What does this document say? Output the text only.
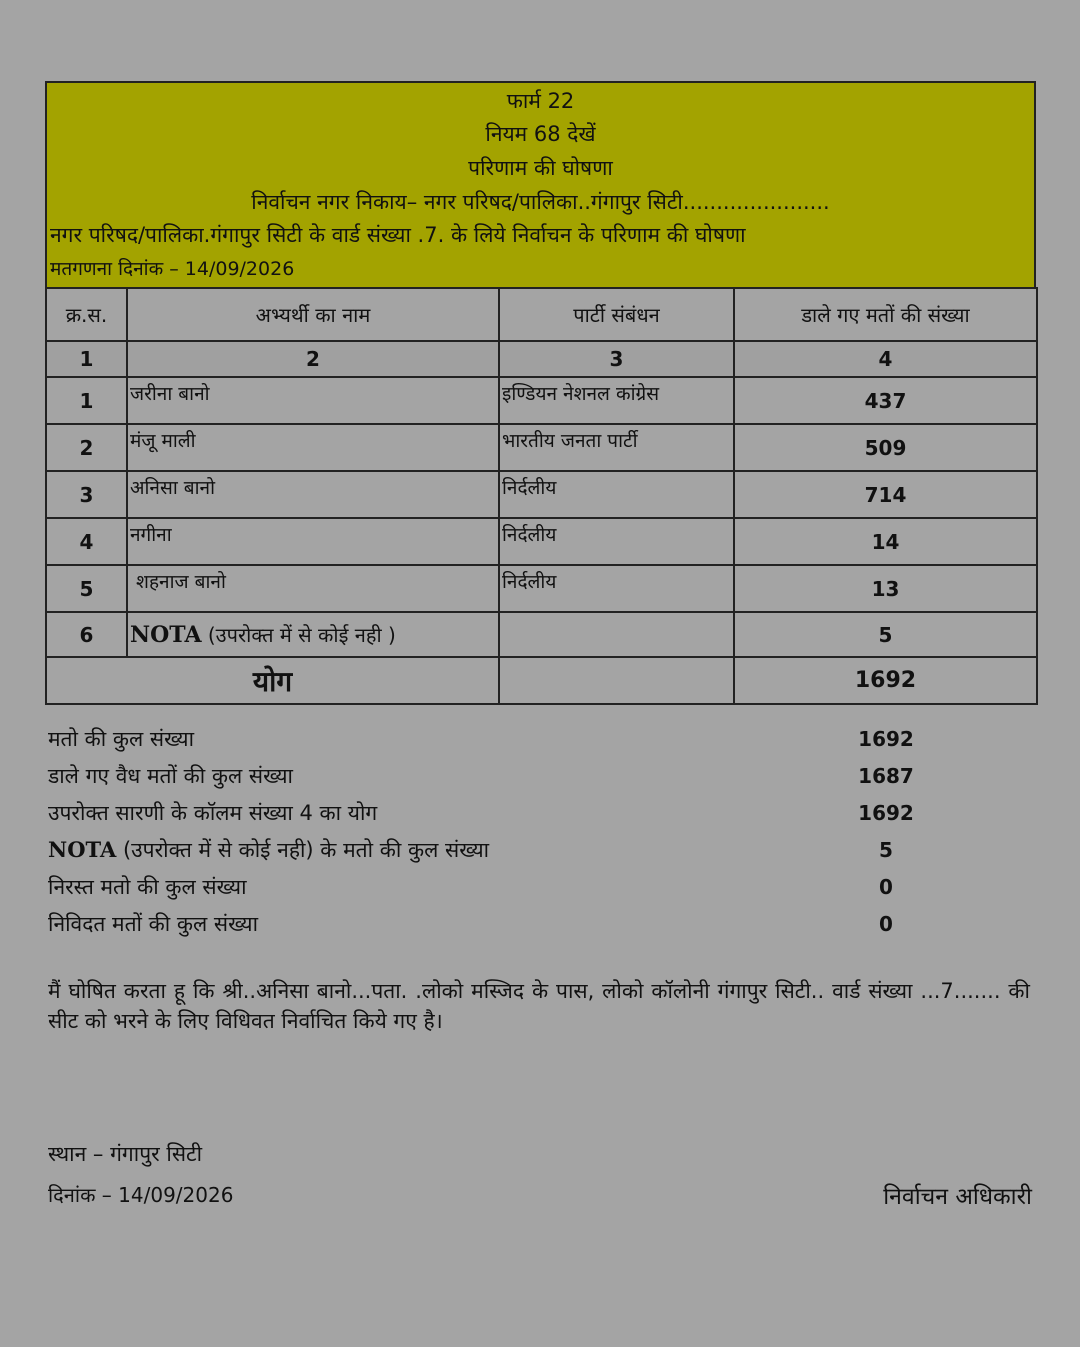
फार्म 22
नियम 68 देखें
परिणाम की घोषणा
निर्वाचन नगर निकाय– नगर परिषद/पालिका..गंगापुर सिटी......................
नगर परिषद/पालिका.गंगापुर सिटी के वार्ड संख्या .7. के लिये निर्वाचन के परिणाम की घोषणा
मतगणना दिनांक – 14/09/2026
क्र.स.	अभ्यर्थी का नाम	पार्टी संबंधन	डाले गए मतों की संख्या
1	2	3	4
1	जरीना बानो	इण्डियन नेशनल कांग्रेस	437
2	मंजू माली	भारतीय जनता पार्टी	509
3	अनिसा बानो	निर्दलीय	714
4	नगीना	निर्दलीय	14
5	शहनाज बानो	निर्दलीय	13
6	NOTA (उपरोक्त में से कोई नही )		5
योग			1692
मतो की कुल संख्या	1692
डाले गए वैध मतों की कुल संख्या	1687
उपरोक्त सारणी के कॉलम संख्या 4 का योग	1692
NOTA (उपरोक्त में से कोई नही) के मतो की कुल संख्या	5
निरस्त मतो की कुल संख्या	0
निविदत मतों की कुल संख्या	0
मैं घोषित करता हू कि श्री..अनिसा बानो...पता. .लोको मस्जिद के पास, लोको कॉलोनी गंगापुर सिटी.. वार्ड संख्या ...7....... की सीट को भरने के लिए विधिवत निर्वाचित किये गए है।
स्थान – गंगापुर सिटी
दिनांक – 14/09/2026	निर्वाचन अधिकारी
